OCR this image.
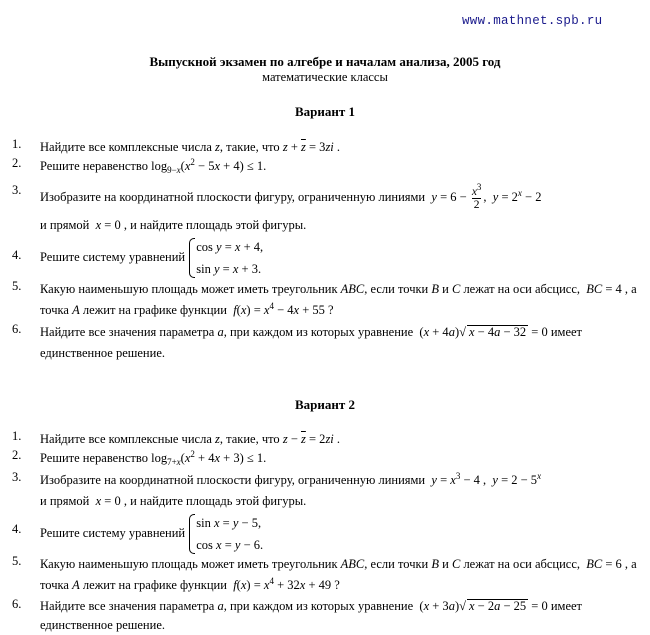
www.mathnet.spb.ru
Выпускной экзамен по алгебре и началам анализа, 2005 год
математические классы
Вариант 1
1. Найдите все комплексные числа z, такие, что $z + \overline{z} = 3zi$ .
2. Решите неравенство $\log_{9-x}(x^2 - 5x + 4) \le 1$.
3. Изобразите на координатной плоскости фигуру, ограниченную линиями  $y = 6 - \frac{x^3}{2}$ ,  $y = 2^x - 2$
и прямой  x = 0 , и найдите площадь этой фигуры.
4. Решите систему уравнений cos y = x + 4,
sin y = x + 3.
5. Какую наименьшую площадь может иметь треугольник ABC, если точки B и C лежат на оси абсцисс,  BC = 4 , а точка A лежит на графике функции  $f(x) = x^4 - 4x + 55$ ?
6. Найдите все значения параметра a, при каждом из которых уравнение  (x + 4a)√ x − 4a − 32 = 0 имеет единственное решение.
Вариант 2
1. Найдите все комплексные числа z, такие, что $z - \overline{z} = 2zi$ .
2. Решите неравенство $\log_{7+x}(x^2 + 4x + 3) \le 1$.
3. Изобразите на координатной плоскости фигуру, ограниченную линиями  $y = x^3 - 4$ ,  $y = 2 - 5^x$
и прямой  x = 0 , и найдите площадь этой фигуры.
4. Решите систему уравнений sin x = y − 5,
cos x = y − 6.
5. Какую наименьшую площадь может иметь треугольник ABC, если точки B и C лежат на оси абсцисс,  BC = 6 , а точка A лежит на графике функции  $f(x) = x^4 + 32x + 49$ ?
6. Найдите все значения параметра a, при каждом из которых уравнение  (x + 3a)√ x − 2a − 25 = 0 имеет единственное решение.
